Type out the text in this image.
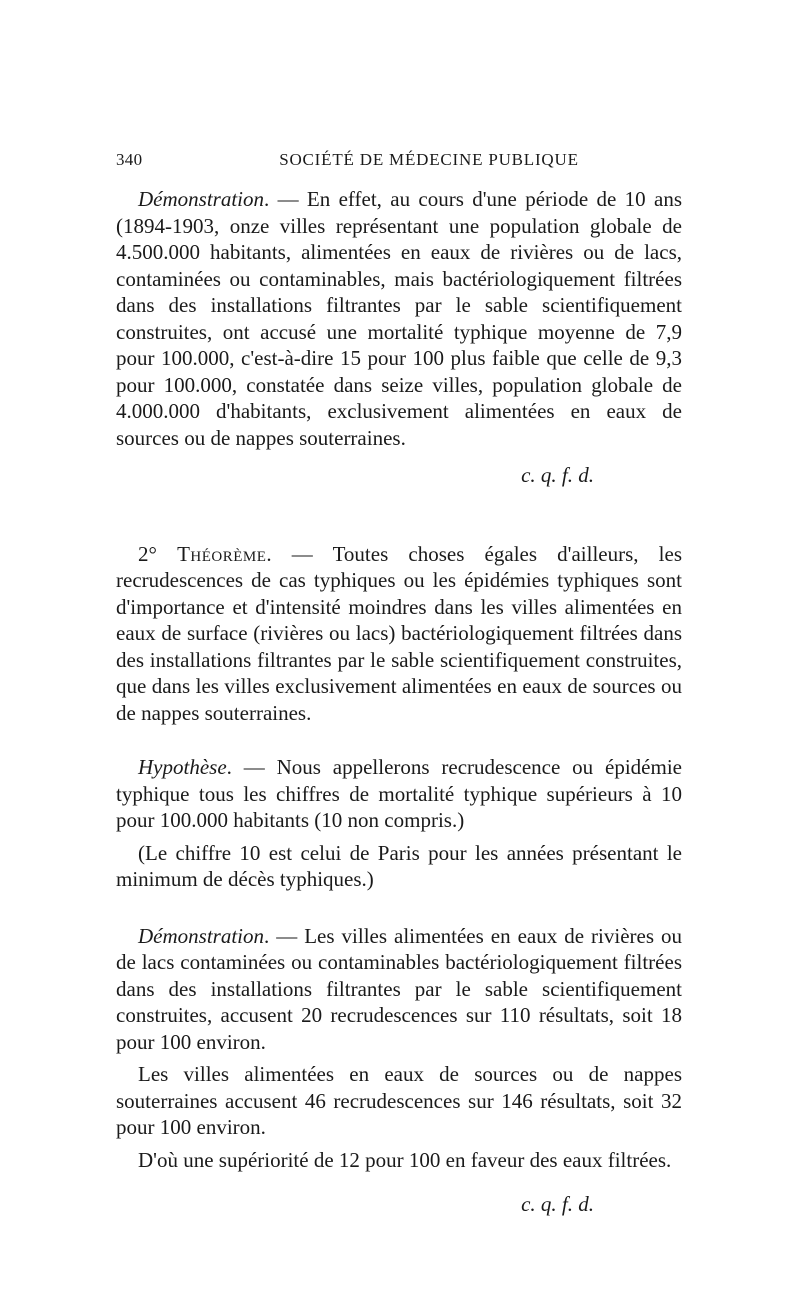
340	SOCIÉTÉ DE MÉDECINE PUBLIQUE

Démonstration. — En effet, au cours d'une période de 10 ans (1894-1903, onze villes représentant une population globale de 4.500.000 habitants, alimentées en eaux de rivières ou de lacs, contaminées ou contaminables, mais bactériologiquement filtrées dans des installations filtrantes par le sable scientifiquement construites, ont accusé une mortalité typhique moyenne de 7,9 pour 100.000, c'est-à-dire 15 pour 100 plus faible que celle de 9,3 pour 100.000, constatée dans seize villes, population globale de 4.000.000 d'habitants, exclusivement alimentées en eaux de sources ou de nappes souterraines.

c. q. f. d.

2° Théorème. — Toutes choses égales d'ailleurs, les recrudescences de cas typhiques ou les épidémies typhiques sont d'importance et d'intensité moindres dans les villes alimentées en eaux de surface (rivières ou lacs) bactériologiquement filtrées dans des installations filtrantes par le sable scientifiquement construites, que dans les villes exclusivement alimentées en eaux de sources ou de nappes souterraines.

Hypothèse. — Nous appellerons recrudescence ou épidémie typhique tous les chiffres de mortalité typhique supérieurs à 10 pour 100.000 habitants (10 non compris.)

(Le chiffre 10 est celui de Paris pour les années présentant le minimum de décès typhiques.)

Démonstration. — Les villes alimentées en eaux de rivières ou de lacs contaminées ou contaminables bactériologiquement filtrées dans des installations filtrantes par le sable scientifiquement construites, accusent 20 recrudescences sur 110 résultats, soit 18 pour 100 environ.

Les villes alimentées en eaux de sources ou de nappes souterraines accusent 46 recrudescences sur 146 résultats, soit 32 pour 100 environ.

D'où une supériorité de 12 pour 100 en faveur des eaux filtrées.

c. q. f. d.
